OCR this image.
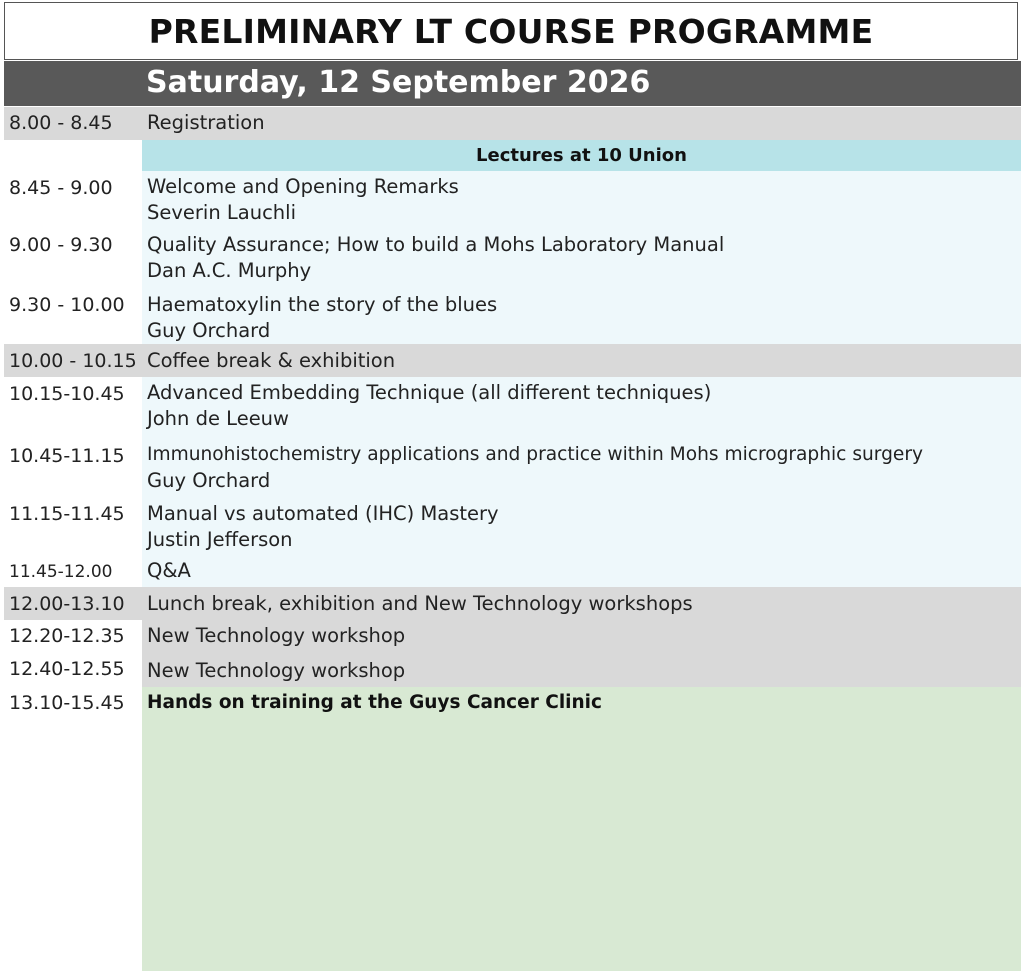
PRELIMINARY LT COURSE PROGRAMME
Saturday, 12 September 2026
Lectures at 10 Union
8.00 - 8.45 Registration
8.45 - 9.00 Welcome and Opening Remarks
Severin Lauchli
9.00 - 9.30 Quality Assurance; How to build a Mohs Laboratory Manual
Dan A.C. Murphy
9.30 - 10.00 Haematoxylin the story of the blues
Guy Orchard
10.00 - 10.15 Coffee break & exhibition
10.15-10.45 Advanced Embedding Technique (all different techniques)
John de Leeuw
10.45-11.15 Immunohistochemistry applications and practice within Mohs micrographic surgery
Guy Orchard
11.15-11.45 Manual vs automated (IHC) Mastery
Justin Jefferson
11.45-12.00 Q&A
12.00-13.10 Lunch break, exhibition and New Technology workshops
12.20-12.35 New Technology workshop
12.40-12.55 New Technology workshop
13.10-15.45 Hands on training at the Guys Cancer Clinic
